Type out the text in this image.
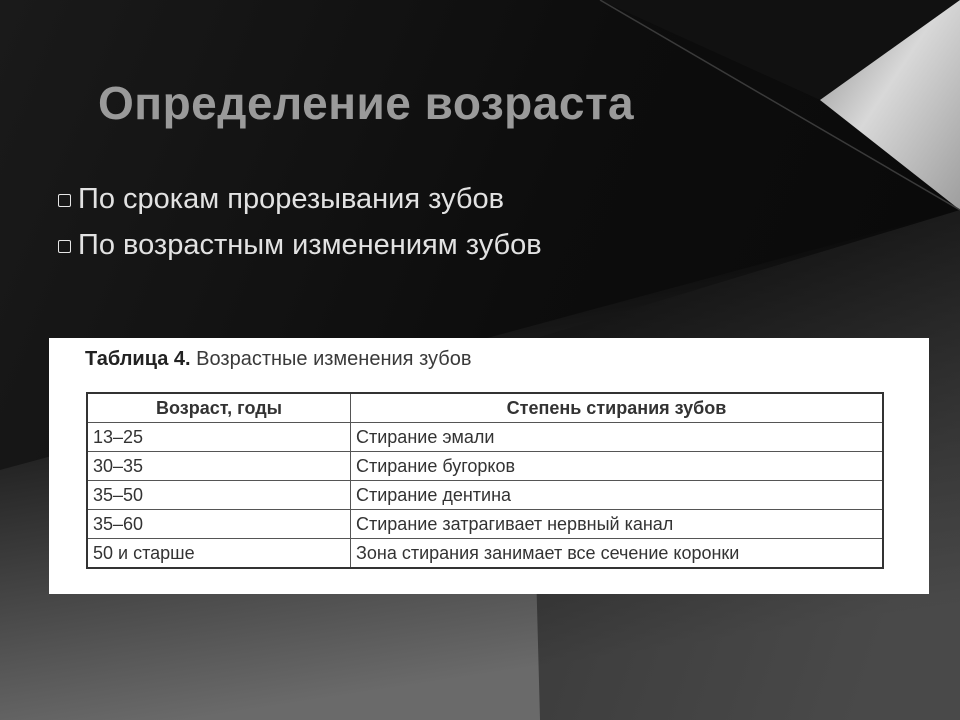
Определение возраста
По срокам прорезывания зубов
По возрастным изменениям зубов
Таблица 4. Возрастные изменения зубов
Возраст, годы	Степень стирания зубов
13–25	Стирание эмали
30–35	Стирание бугорков
35–50	Стирание дентина
35–60	Стирание затрагивает нервный канал
50 и старше	Зона стирания занимает все сечение коронки
